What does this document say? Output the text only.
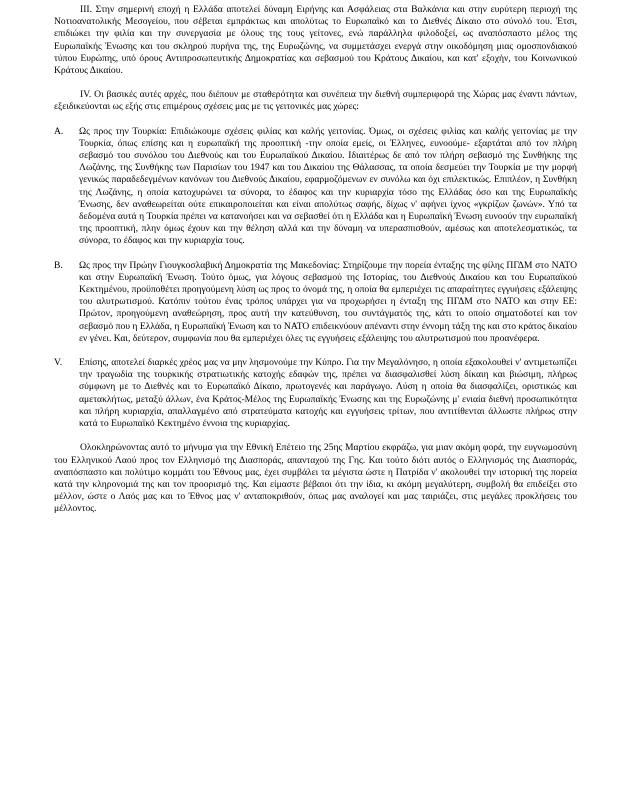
III. Στην σημερινή εποχή η Ελλάδα αποτελεί δύναμη Ειρήνης και Ασφάλειας στα Βαλκάνια και στην ευρύτερη περιοχή της Νοτιοανατολικής Μεσογείου, που σέβεται εμπράκτως και απολύτως το Ευρωπαϊκό και το Διεθνές Δίκαιο στο σύνολό του. Έτσι, επιδιώκει την φιλία και την συνεργασία με όλους της τους γείτονες, ενώ παράλληλα φιλοδοξεί, ως αναπόσπαστο μέλος της Ευρωπαϊκής Ένωσης και του σκληρού πυρήνα της, της Ευρωζώνης, να συμμετάσχει ενεργά στην οικοδόμηση μιας ομοσπονδιακού τύπου Ευρώπης, υπό όρους Αντιπροσωπευτικής Δημοκρατίας και σεβασμού του Κράτους Δικαίου, και κατ' εξοχήν, του Κοινωνικού Κράτους Δικαίου.

IV. Οι βασικές αυτές αρχές, που διέπουν με σταθερότητα και συνέπεια την διεθνή συμπεριφορά της Χώρας μας έναντι πάντων, εξειδικεύονται ως εξής στις επιμέρους σχέσεις μας με τις γειτονικές μας χώρες:

A. Ως προς την Τουρκία: Επιδιώκουμε σχέσεις φιλίας και καλής γειτονίας. Όμως, οι σχέσεις φιλίας και καλής γειτονίας με την Τουρκία, όπως επίσης και η ευρωπαϊκή της προοπτική -την οποία εμείς, οι Έλληνες, ευνοούμε- εξαρτάται από τον πλήρη σεβασμό του συνόλου του Διεθνούς και του Ευρωπαϊκού Δικαίου. Ιδιαιτέρως δε από τον πλήρη σεβασμό της Συνθήκης της Λωζάνης, της Συνθήκης των Παρισίων του 1947 και του Δικαίου της Θάλασσας, τα οποία δεσμεύει την Τουρκία με την μορφή γενικώς παραδεδεγμένων κανόνων του Διεθνούς Δικαίου, εφαρμοζόμενων εν συνόλω και όχι επιλεκτικώς. Επιπλέον, η Συνθήκη της Λωζάνης, η οποία κατοχυρώνει τα σύνορα, το έδαφος και την κυριαρχία τόσο της Ελλάδας όσο και της Ευρωπαϊκής Ένωσης, δεν αναθεωρείται ούτε επικαιροποιείται και είναι απολύτως σαφής, δίχως ν' αφήνει ίχνος «γκρίζων ζωνών». Υπό τα δεδομένα αυτά η Τουρκία πρέπει να κατανοήσει και να σεβασθεί ότι η Ελλάδα και η Ευρωπαϊκή Ένωση ευνοούν την ευρωπαϊκή της προοπτική, πλην όμως έχουν και την θέληση αλλά και την δύναμη να υπερασπισθούν, αμέσως και αποτελεσματικώς, τα σύνορα, το έδαφος και την κυριαρχία τους.

B. Ως προς την Πρώην Γιουγκοσλαβική Δημοκρατία της Μακεδονίας: Στηρίζουμε την πορεία ένταξης της φίλης ΠΓΔΜ στο ΝΑΤΟ και στην Ευρωπαϊκή Ένωση. Τούτο όμως, για λόγους σεβασμού της Ιστορίας, του Διεθνούς Δικαίου και του Ευρωπαϊκού Κεκτημένου, προϋποθέτει προηγούμενη λύση ως προς το όνομά της, η οποία θα εμπεριέχει τις απαραίτητες εγγυήσεις εξάλειψης του αλυτρωτισμού. Κατόπιν τούτου ένας τρόπος υπάρχει για να προχωρήσει η ένταξη της ΠΓΔΜ στο ΝΑΤΟ και στην ΕΕ: Πρώτον, προηγούμενη αναθεώρηση, προς αυτή την κατεύθυνση, του συντάγματός της, κάτι το οποίο σηματοδοτεί και τον σεβασμό που η Ελλάδα, η Ευρωπαϊκή Ένωση και το ΝΑΤΟ επιδεικνύουν απέναντι στην έννομη τάξη της και στο κράτος δικαίου εν γένει. Και, δεύτερον, συμφωνία που θα εμπεριέχει όλες τις εγγυήσεις εξάλειψης του αλυτρωτισμού που προανέφερα.

V. Επίσης, αποτελεί διαρκές χρέος μας να μην λησμονούμε την Κύπρο. Για την Μεγαλόνησο, η οποία εξακολουθεί ν' αντιμετωπίζει την τραγωδία της τουρκικής στρατιωτικής κατοχής εδαφών της, πρέπει να διασφαλισθεί λύση δίκαιη και βιώσιμη, πλήρως σύμφωνη με το Διεθνές και το Ευρωπαϊκό Δίκαιο, πρωτογενές και παράγωγο. Λύση η οποία θα διασφαλίζει, οριστικώς και αμετακλήτως, μεταξύ άλλων, ένα Κράτος-Μέλος της Ευρωπαϊκής Ένωσης και της Ευρωζώνης μ' ενιαία διεθνή προσωπικότητα και πλήρη κυριαρχία, απαλλαγμένο από στρατεύματα κατοχής και εγγυήσεις τρίτων, που αντιτίθενται άλλωστε πλήρως στην κατά το Ευρωπαϊκό Κεκτημένο έννοια της κυριαρχίας.

Ολοκληρώνοντας αυτό το μήνυμα για την Εθνική Επέτειο της 25ης Μαρτίου εκφράζω, για μιαν ακόμη φορά, την ευγνωμοσύνη του Ελληνικού Λαού προς τον Ελληνισμό της Διασποράς, απανταχού της Γης. Και τούτο διότι αυτός ο Ελληνισμός της Διασποράς, αναπόσπαστο και πολύτιμο κομμάτι του Έθνους μας, έχει συμβάλει τα μέγιστα ώστε η Πατρίδα ν' ακολουθεί την ιστορική της πορεία κατά την κληρονομιά της και τον προορισμό της. Και είμαστε βέβαιοι ότι την ίδια, κι ακόμη μεγαλύτερη, συμβολή θα επιδείξει στο μέλλον, ώστε ο Λαός μας και το Έθνος μας ν' ανταποκριθούν, όπως μας αναλογεί και μας ταιριάζει, στις μεγάλες προκλήσεις του μέλλοντος.
